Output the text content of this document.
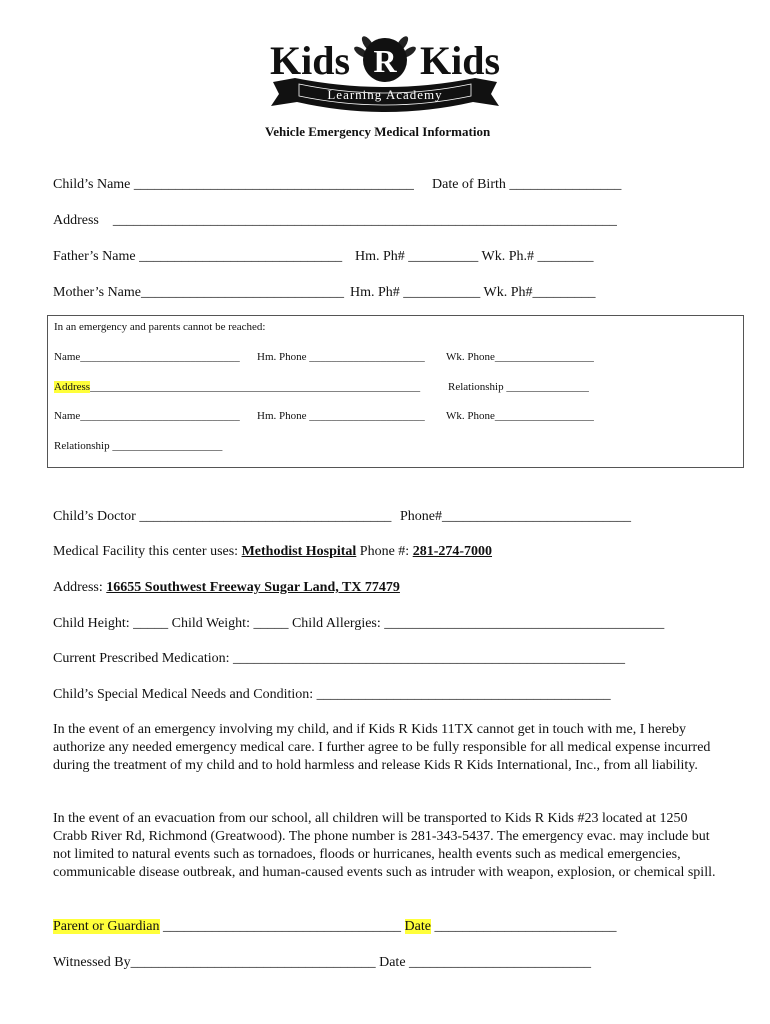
R
Kids Kids
Learning Academy
Vehicle Emergency Medical Information
Child’s Name ________________________________________ Date of Birth ________________
Address ________________________________________________________________________
Father’s Name _____________________________ Hm. Ph# __________ Wk. Ph.# ________
Mother’s Name_____________________________ Hm. Ph# ___________ Wk. Ph#_________
In an emergency and parents cannot be reached:
Name_____________________________ Hm. Phone _____________________ Wk. Phone__________________
Address____________________________________________________________	Relationship _______________
Name_____________________________ Hm. Phone _____________________ Wk. Phone__________________
Relationship ____________________
Child’s Doctor ____________________________________ Phone#___________________________
Medical Facility this center uses: Methodist Hospital Phone #: 281-274-7000
Address: 16655 Southwest Freeway Sugar Land, TX 77479
Child Height: _____ Child Weight: _____ Child Allergies: ________________________________________
Current Prescribed Medication: ________________________________________________________
Child’s Special Medical Needs and Condition: __________________________________________
In the event of an emergency involving my child, and if Kids R Kids 11TX cannot get in touch with me, I hereby authorize any needed emergency medical care. I further agree to be fully responsible for all medical expense incurred during the treatment of my child and to hold harmless and release Kids R Kids International, Inc., from all liability.
In the event of an evacuation from our school, all children will be transported to Kids R Kids #23 located at 1250 Crabb River Rd, Richmond (Greatwood). The phone number is 281-343-5437. The emergency evac. may include but not limited to natural events such as tornadoes, floods or hurricanes, health events such as medical emergencies, communicable disease outbreak, and human-caused events such as intruder with weapon, explosion, or chemical spill.
Parent or Guardian __________________________________ Date __________________________
Witnessed By___________________________________ Date __________________________
